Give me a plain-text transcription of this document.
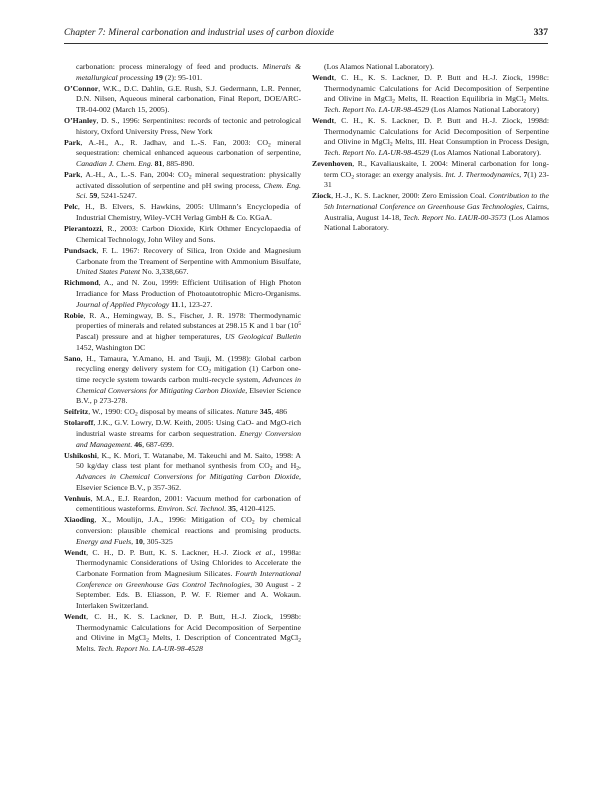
Chapter 7: Mineral carbonation and industrial uses of carbon dioxide	337

carbonation: process mineralogy of feed and products. Minerals & metallurgical processing 19 (2): 95-101.

O’Connor, W.K., D.C. Dahlin, G.E. Rush, S.J. Gedermann, L.R. Penner, D.N. Nilsen, Aqueous mineral carbonation, Final Report, DOE/ARC-TR-04-002 (March 15, 2005).

O’Hanley, D. S., 1996: Serpentinites: records of tectonic and petrological history, Oxford University Press, New York

Park, A.-H., A., R. Jadhav, and L.-S. Fan, 2003: $CO_2$ mineral sequestration: chemical enhanced aqueous carbonation of serpentine, Canadian J. Chem. Eng. 81, 885-890.

Park, A.-H., A., L.-S. Fan, 2004: $CO_2$ mineral sequestration: physically activated dissolution of serpentine and pH swing process, Chem. Eng. Sci. 59, 5241-5247.

Pelc, H., B. Elvers, S. Hawkins, 2005: Ullmann’s Encyclopedia of Industrial Chemistry, Wiley-VCH Verlag GmbH & Co. KGaA.

Pierantozzi, R., 2003: Carbon Dioxide, Kirk Othmer Encyclopaedia of Chemical Technology, John Wiley and Sons.

Pundsack, F. L. 1967: Recovery of Silica, Iron Oxide and Magnesium Carbonate from the Treament of Serpentine with Ammonium Bisulfate, United States Patent No. 3,338,667.

Richmond, A., and N. Zou, 1999: Efficient Utilisation of High Photon Irradiance for Mass Production of Photoautotrophic Micro-Organisms. Journal of Applied Phycology 11.1, 123-27.

Robie, R. A., Hemingway, B. S., Fischer, J. R. 1978: Thermodynamic properties of minerals and related substances at 298.15 K and 1 bar ($10^5$ Pascal) pressure and at higher temperatures, US Geological Bulletin 1452, Washington DC

Sano, H., Tamaura, Y.Amano, H. and Tsuji, M. (1998): Global carbon recycling energy delivery system for $CO_2$ mitigation (1) Carbon one-time recycle system towards carbon multi-recycle system, Advances in Chemical Conversions for Mitigating Carbon Dioxide, Elsevier Science B.V., p 273-278.

Seifritz, W., 1990: $CO_2$ disposal by means of silicates. Nature 345, 486

Stolaroff, J.K., G.V. Lowry, D.W. Keith, 2005: Using CaO- and MgO-rich industrial waste streams for carbon sequestration. Energy Conversion and Management. 46, 687-699.

Ushikoshi, K., K. Mori, T. Watanabe, M. Takeuchi and M. Saito, 1998: A 50 kg/day class test plant for methanol synthesis from $CO_2$ and $H_2$, Advances in Chemical Conversions for Mitigating Carbon Dioxide, Elsevier Science B.V., p 357-362.

Venhuis, M.A., E.J. Reardon, 2001: Vacuum method for carbonation of cementitious wasteforms. Environ. Sci. Technol. 35, 4120-4125.

Xiaoding, X., Moulijn, J.A., 1996: Mitigation of $CO_2$ by chemical conversion: plausible chemical reactions and promising products. Energy and Fuels, 10, 305-325

Wendt, C. H., D. P. Butt, K. S. Lackner, H.-J. Ziock et al., 1998a: Thermodynamic Considerations of Using Chlorides to Accelerate the Carbonate Formation from Magnesium Silicates. Fourth International Conference on Greenhouse Gas Control Technologies, 30 August - 2 September. Eds. B. Eliasson, P. W. F. Riemer and A. Wokaun. Interlaken Switzerland.

Wendt, C. H., K. S. Lackner, D. P. Butt, H.-J. Ziock, 1998b: Thermodynamic Calculations for Acid Decomposition of Serpentine and Olivine in MgCl$_2$ Melts, I. Description of Concentrated MgCl$_2$ Melts. Tech. Report No. LA-UR-98-4528

(Los Alamos National Laboratory).

Wendt, C. H., K. S. Lackner, D. P. Butt and H.-J. Ziock, 1998c: Thermodynamic Calculations for Acid Decomposition of Serpentine and Olivine in MgCl$_2$ Melts, II. Reaction Equilibria in MgCl$_2$ Melts. Tech. Report No. LA-UR-98-4529 (Los Alamos National Laboratory)

Wendt, C. H., K. S. Lackner, D. P. Butt and H.-J. Ziock, 1998d: Thermodynamic Calculations for Acid Decomposition of Serpentine and Olivine in MgCl$_2$ Melts, III. Heat Consumption in Process Design, Tech. Report No. LA-UR-98-4529 (Los Alamos National Laboratory).

Zevenhoven, R., Kavaliauskaite, I. 2004: Mineral carbonation for long-term $CO_2$ storage: an exergy analysis. Int. J. Thermodynamics, 7(1) 23-31

Ziock, H.-J., K. S. Lackner, 2000: Zero Emission Coal. Contribution to the 5th International Conference on Greenhouse Gas Technologies, Cairns, Australia, August 14-18, Tech. Report No. LAUR-00-3573 (Los Alamos National Laboratory.
